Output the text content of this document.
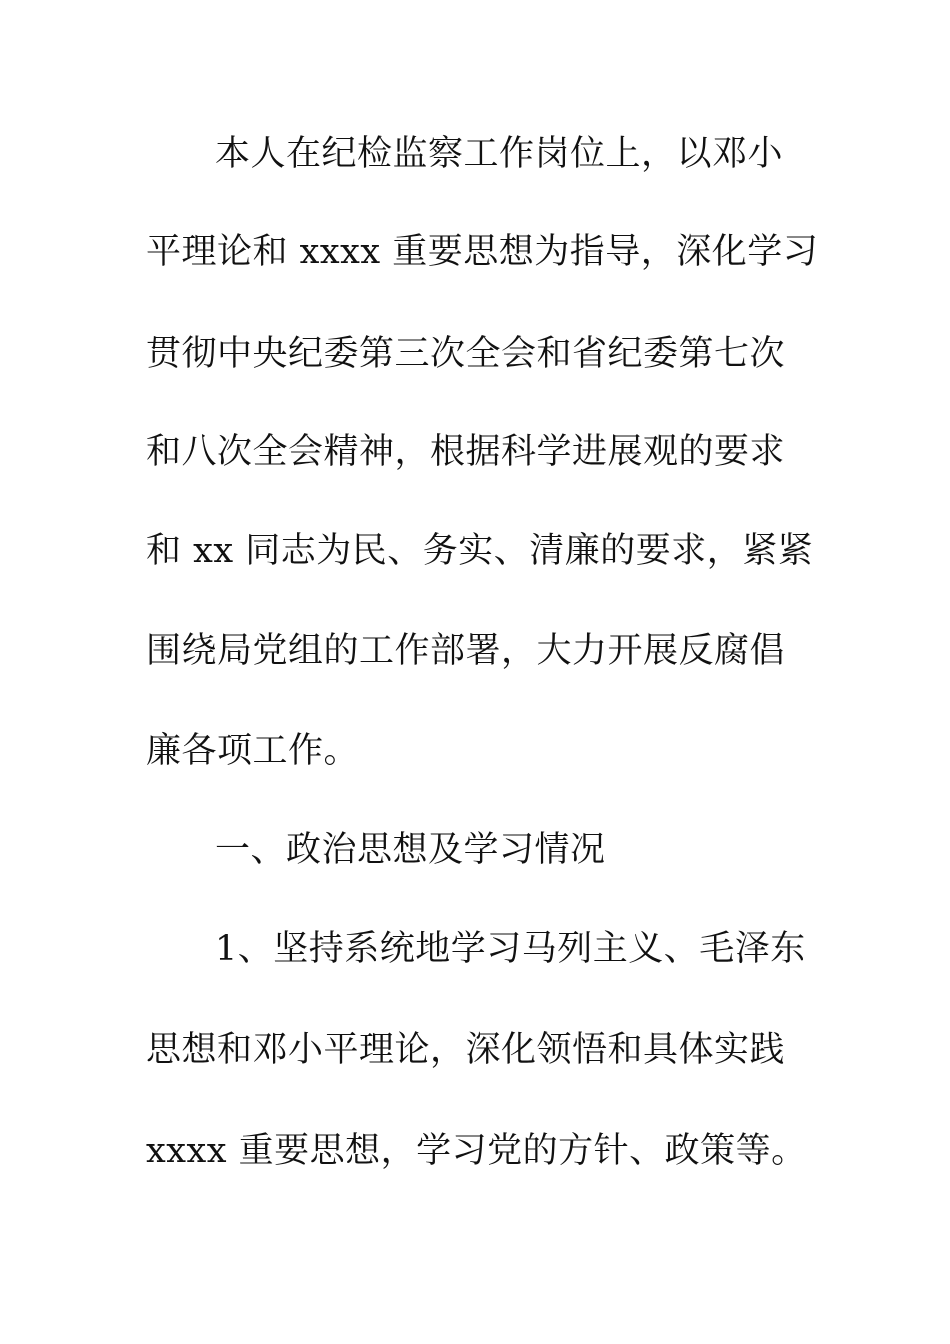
本人在纪检监察工作岗位上，以邓小
平理论和 xxxx 重要思想为指导，深化学习
贯彻中央纪委第三次全会和省纪委第七次
和八次全会精神，根据科学进展观的要求
和 xx 同志为民、务实、清廉的要求，紧紧
围绕局党组的工作部署，大力开展反腐倡
廉各项工作。
一、政治思想及学习情况
1、坚持系统地学习马列主义、毛泽东
思想和邓小平理论，深化领悟和具体实践
xxxx 重要思想，学习党的方针、政策等。
